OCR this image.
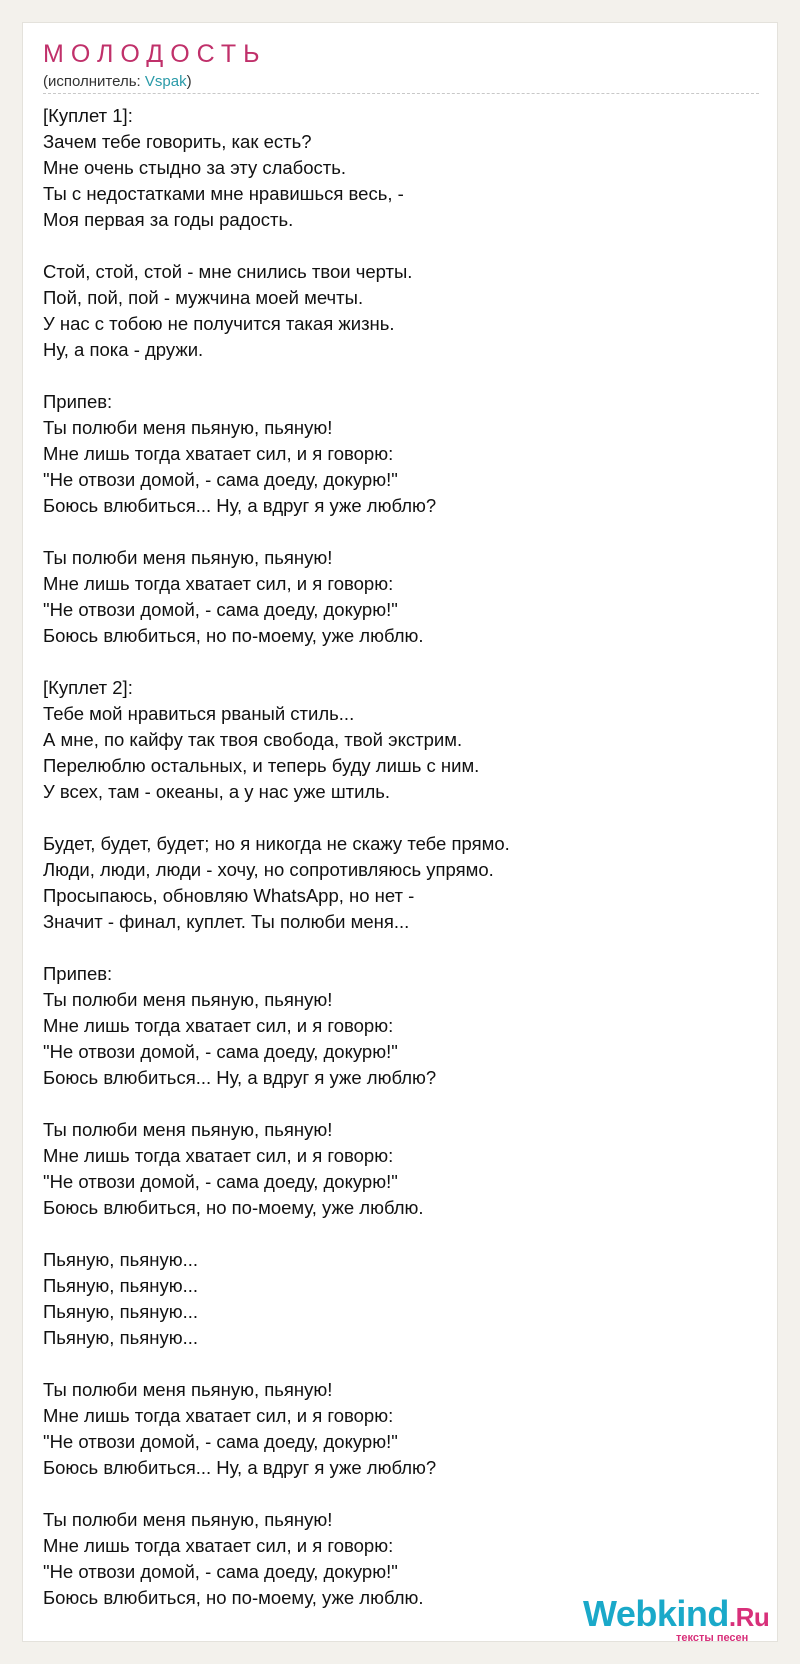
МОЛОДОСТЬ
(исполнитель: Vspak)
[Куплет 1]:
Зачем тебе говорить, как есть?
Мне очень стыдно за эту слабость.
Ты с недостатками мне нравишься весь, -
Моя первая за годы радость.
Стой, стой, стой - мне снились твои черты.
Пой, пой, пой - мужчина моей мечты.
У нас с тобою не получится такая жизнь.
Ну, а пока - дружи.
Припев:
Ты полюби меня пьяную, пьяную!
Мне лишь тогда хватает сил, и я говорю:
"Не отвози домой, - сама доеду, докурю!"
Боюсь влюбиться... Ну, а вдруг я уже люблю?
Ты полюби меня пьяную, пьяную!
Мне лишь тогда хватает сил, и я говорю:
"Не отвози домой, - сама доеду, докурю!"
Боюсь влюбиться, но по-моему, уже люблю.
[Куплет 2]:
Тебе мой нравиться рваный стиль...
А мне, по кайфу так твоя свобода, твой экстрим.
Перелюблю остальных, и теперь буду лишь с ним.
У всех, там - океаны, а у нас уже штиль.
Будет, будет, будет; но я никогда не скажу тебе прямо.
Люди, люди, люди - хочу, но сопротивляюсь упрямо.
Просыпаюсь, обновляю WhatsApp, но нет -
Значит - финал, куплет. Ты полюби меня...
Припев:
Ты полюби меня пьяную, пьяную!
Мне лишь тогда хватает сил, и я говорю:
"Не отвози домой, - сама доеду, докурю!"
Боюсь влюбиться... Ну, а вдруг я уже люблю?
Ты полюби меня пьяную, пьяную!
Мне лишь тогда хватает сил, и я говорю:
"Не отвози домой, - сама доеду, докурю!"
Боюсь влюбиться, но по-моему, уже люблю.
Пьяную, пьяную...
Пьяную, пьяную...
Пьяную, пьяную...
Пьяную, пьяную...
Ты полюби меня пьяную, пьяную!
Мне лишь тогда хватает сил, и я говорю:
"Не отвози домой, - сама доеду, докурю!"
Боюсь влюбиться... Ну, а вдруг я уже люблю?
Ты полюби меня пьяную, пьяную!
Мне лишь тогда хватает сил, и я говорю:
"Не отвози домой, - сама доеду, докурю!"
Боюсь влюбиться, но по-моему, уже люблю.	Webkind.Ru
тексты песен
